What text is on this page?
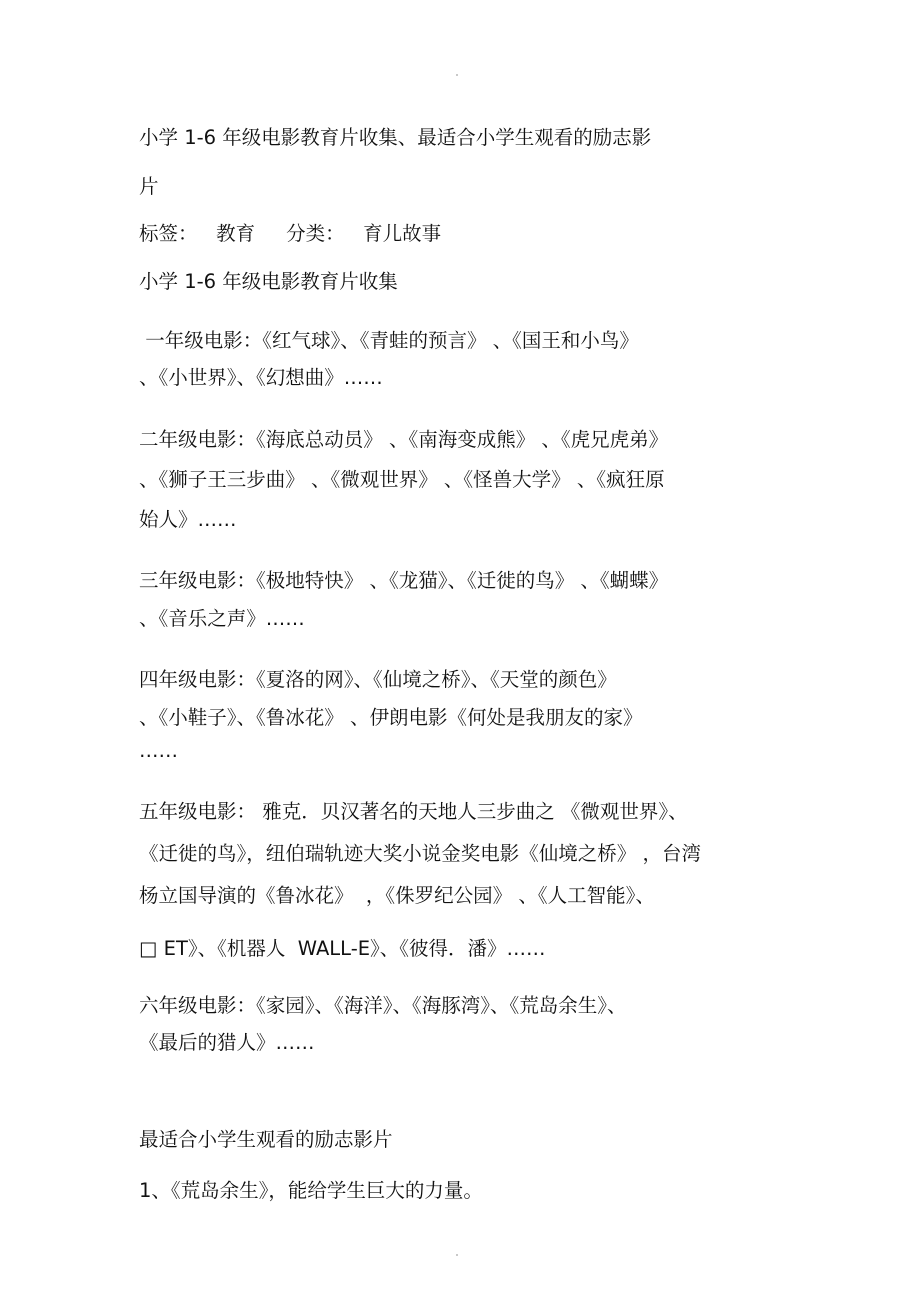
小学 1-6 年级电影教育片收集、最适合小学生观看的励志影

片

标签：   教育     分类：   育儿故事

小学 1-6 年级电影教育片收集

一年级电影：《红气球》、《青蛙的预言》 、《国王和小鸟》

、《小世界》、《幻想曲》……

二年级电影：《海底总动员》 、《南海变成熊》 、《虎兄虎弟》

、《狮子王三步曲》 、《微观世界》 、《怪兽大学》 、《疯狂原

始人》……

三年级电影：《极地特快》 、《龙猫》、《迁徙的鸟》 、《蝴蝶》

、《音乐之声》……

四年级电影：《夏洛的网》、《仙境之桥》、《天堂的颜色》

、《小鞋子》、《鲁冰花》 、伊朗电影《何处是我朋友的家》

……

五年级电影： 雅克．贝汉著名的天地人三步曲之 《微观世界》、

《迁徙的鸟》，纽伯瑞轨迹大奖小说金奖电影《仙境之桥》 ，台湾

杨立国导演的《鲁冰花》  ，《侏罗纪公园》 、《人工智能》、

□ ET》、《机器人  WALL-E》、《彼得．潘》……

六年级电影：《家园》、《海洋》、《海豚湾》、《荒岛余生》、

《最后的猎人》……

最适合小学生观看的励志影片

1、《荒岛余生》，能给学生巨大的力量。
